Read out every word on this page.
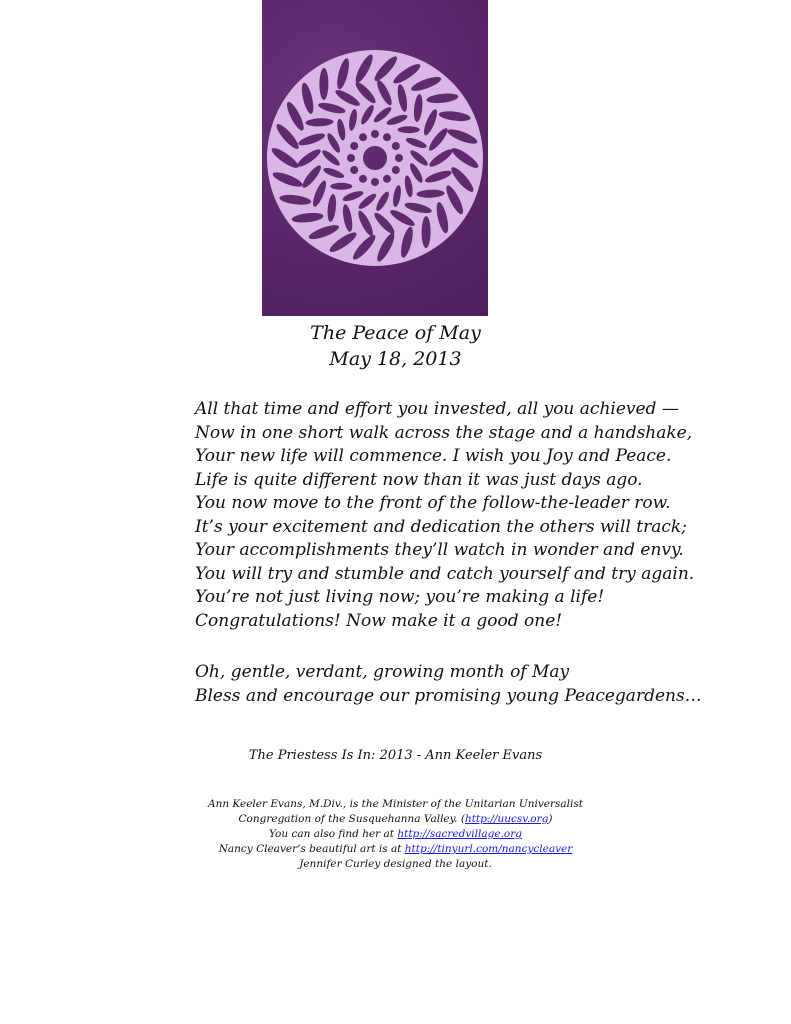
The Peace of May
May 18, 2013
All that time and effort you invested, all you achieved —
Now in one short walk across the stage and a handshake,
Your new life will commence. I wish you Joy and Peace.
Life is quite different now than it was just days ago.
You now move to the front of the follow-the-leader row.
It’s your excitement and dedication the others will track;
Your accomplishments they’ll watch in wonder and envy.
You will try and stumble and catch yourself and try again.
You’re not just living now; you’re making a life!
Congratulations! Now make it a good one!
Oh, gentle, verdant, growing month of May
Bless and encourage our promising young Peacegardens…
The Priestess Is In: 2013 - Ann Keeler Evans
Ann Keeler Evans, M.Div., is the Minister of the Unitarian Universalist
Congregation of the Susquehanna Valley. (http://uucsv.org)
You can also find her at http://sacredvillage.org
Nancy Cleaver’s beautiful art is at http://tinyurl.com/nancycleaver
Jennifer Curley designed the layout.
